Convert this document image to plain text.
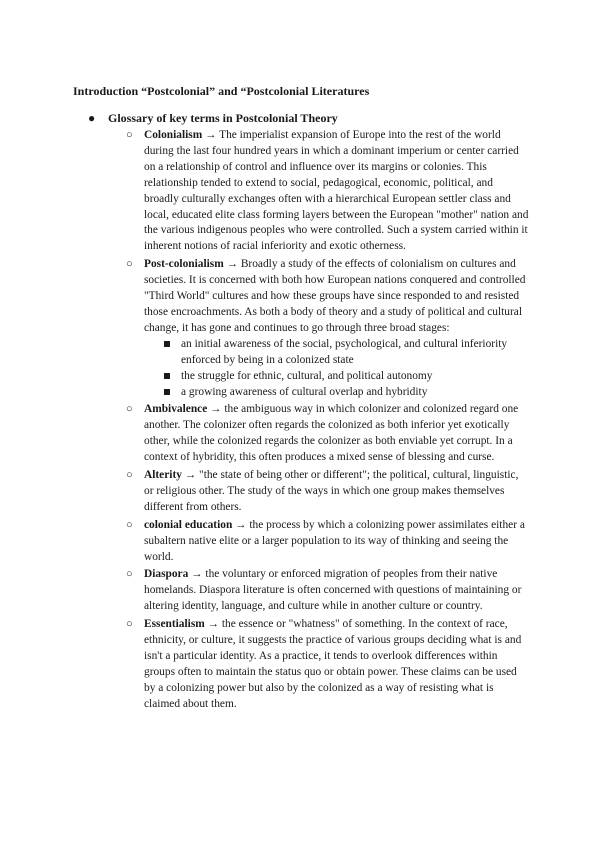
Introduction “Postcolonial” and “Postcolonial Literatures
● Glossary of key terms in Postcolonial Theory
○ Colonialism → The imperialist expansion of Europe into the rest of the world during the last four hundred years in which a dominant imperium or center carried on a relationship of control and influence over its margins or colonies. This relationship tended to extend to social, pedagogical, economic, political, and broadly culturally exchanges often with a hierarchical European settler class and local, educated elite class forming layers between the European "mother" nation and the various indigenous peoples who were controlled. Such a system carried within it inherent notions of racial inferiority and exotic otherness.
○ Post-colonialism → Broadly a study of the effects of colonialism on cultures and societies. It is concerned with both how European nations conquered and controlled "Third World" cultures and how these groups have since responded to and resisted those encroachments. As both a body of theory and a study of political and cultural change, it has gone and continues to go through three broad stages:
an initial awareness of the social, psychological, and cultural inferiority enforced by being in a colonized state
the struggle for ethnic, cultural, and political autonomy
a growing awareness of cultural overlap and hybridity
○ Ambivalence → the ambiguous way in which colonizer and colonized regard one another. The colonizer often regards the colonized as both inferior yet exotically other, while the colonized regards the colonizer as both enviable yet corrupt. In a context of hybridity, this often produces a mixed sense of blessing and curse.
○ Alterity → "the state of being other or different"; the political, cultural, linguistic, or religious other. The study of the ways in which one group makes themselves different from others.
○ colonial education → the process by which a colonizing power assimilates either a subaltern native elite or a larger population to its way of thinking and seeing the world.
○ Diaspora → the voluntary or enforced migration of peoples from their native homelands. Diaspora literature is often concerned with questions of maintaining or altering identity, language, and culture while in another culture or country.
○ Essentialism → the essence or "whatness" of something. In the context of race, ethnicity, or culture, it suggests the practice of various groups deciding what is and isn't a particular identity. As a practice, it tends to overlook differences within groups often to maintain the status quo or obtain power. These claims can be used by a colonizing power but also by the colonized as a way of resisting what is claimed about them.
